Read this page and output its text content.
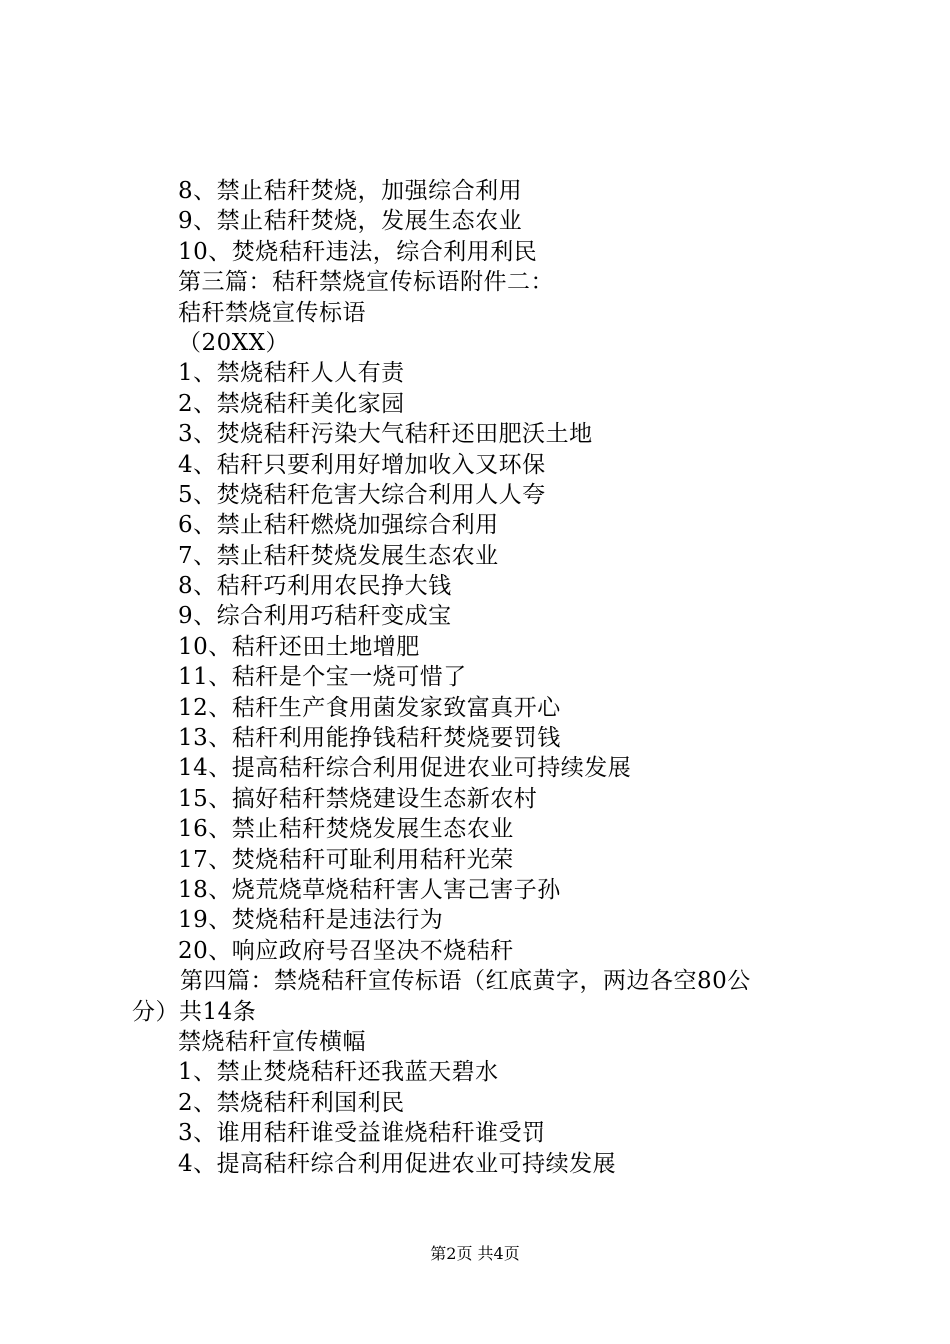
8、禁止秸秆焚烧，加强综合利用
9、禁止秸秆焚烧，发展生态农业
10、焚烧秸秆违法，综合利用利民
第三篇：秸秆禁烧宣传标语附件二：
秸秆禁烧宣传标语
（20XX）
1、禁烧秸秆人人有责
2、禁烧秸秆美化家园
3、焚烧秸秆污染大气秸秆还田肥沃土地
4、秸秆只要利用好增加收入又环保
5、焚烧秸秆危害大综合利用人人夸
6、禁止秸秆燃烧加强综合利用
7、禁止秸秆焚烧发展生态农业
8、秸秆巧利用农民挣大钱
9、综合利用巧秸秆变成宝
10、秸秆还田土地增肥
11、秸秆是个宝一烧可惜了
12、秸秆生产食用菌发家致富真开心
13、秸秆利用能挣钱秸秆焚烧要罚钱
14、提高秸秆综合利用促进农业可持续发展
15、搞好秸秆禁烧建设生态新农村
16、禁止秸秆焚烧发展生态农业
17、焚烧秸秆可耻利用秸秆光荣
18、烧荒烧草烧秸秆害人害己害子孙
19、焚烧秸秆是违法行为
20、响应政府号召坚决不烧秸秆
第四篇：禁烧秸秆宣传标语（红底黄字，两边各空80公
分）共14条
禁烧秸秆宣传横幅
1、禁止焚烧秸秆还我蓝天碧水
2、禁烧秸秆利国利民
3、谁用秸秆谁受益谁烧秸秆谁受罚
4、提高秸秆综合利用促进农业可持续发展
第2页 共4页
